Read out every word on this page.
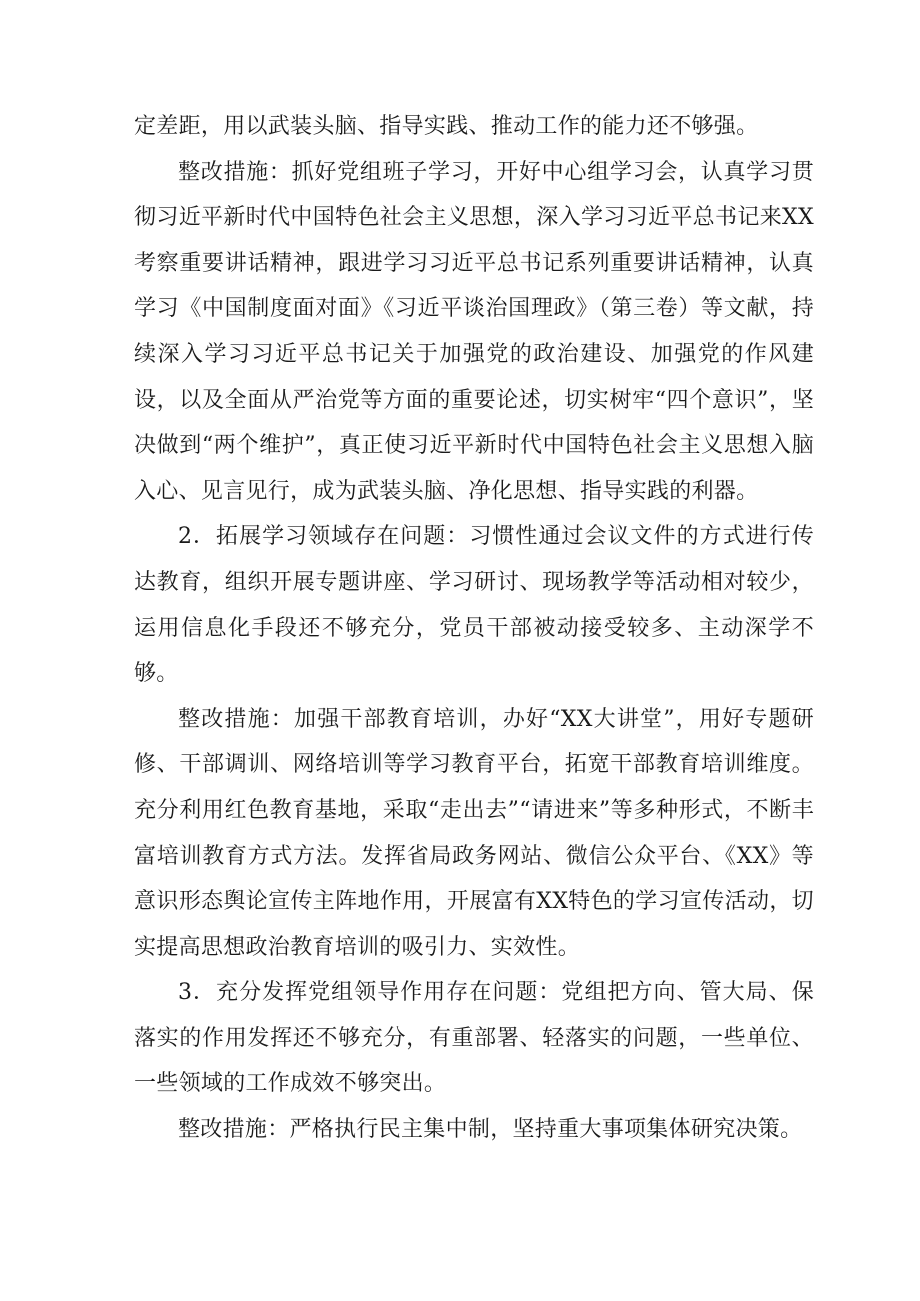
定差距，用以武装头脑、指导实践、推动工作的能力还不够强。

整改措施：抓好党组班子学习，开好中心组学习会，认真学习贯彻习近平新时代中国特色社会主义思想，深入学习习近平总书记来XX考察重要讲话精神，跟进学习习近平总书记系列重要讲话精神，认真学习《中国制度面对面》《习近平谈治国理政》（第三卷）等文献，持续深入学习习近平总书记关于加强党的政治建设、加强党的作风建设，以及全面从严治党等方面的重要论述，切实树牢“四个意识”，坚决做到“两个维护”，真正使习近平新时代中国特色社会主义思想入脑入心、见言见行，成为武装头脑、净化思想、指导实践的利器。

2．拓展学习领域存在问题：习惯性通过会议文件的方式进行传达教育，组织开展专题讲座、学习研讨、现场教学等活动相对较少，运用信息化手段还不够充分，党员干部被动接受较多、主动深学不够。

整改措施：加强干部教育培训，办好“XX大讲堂”，用好专题研修、干部调训、网络培训等学习教育平台，拓宽干部教育培训维度。充分利用红色教育基地，采取“走出去”“请进来”等多种形式，不断丰富培训教育方式方法。发挥省局政务网站、微信公众平台、《XX》等意识形态舆论宣传主阵地作用，开展富有XX特色的学习宣传活动，切实提高思想政治教育培训的吸引力、实效性。

3．充分发挥党组领导作用存在问题：党组把方向、管大局、保落实的作用发挥还不够充分，有重部署、轻落实的问题，一些单位、一些领域的工作成效不够突出。

整改措施：严格执行民主集中制，坚持重大事项集体研究决策。
